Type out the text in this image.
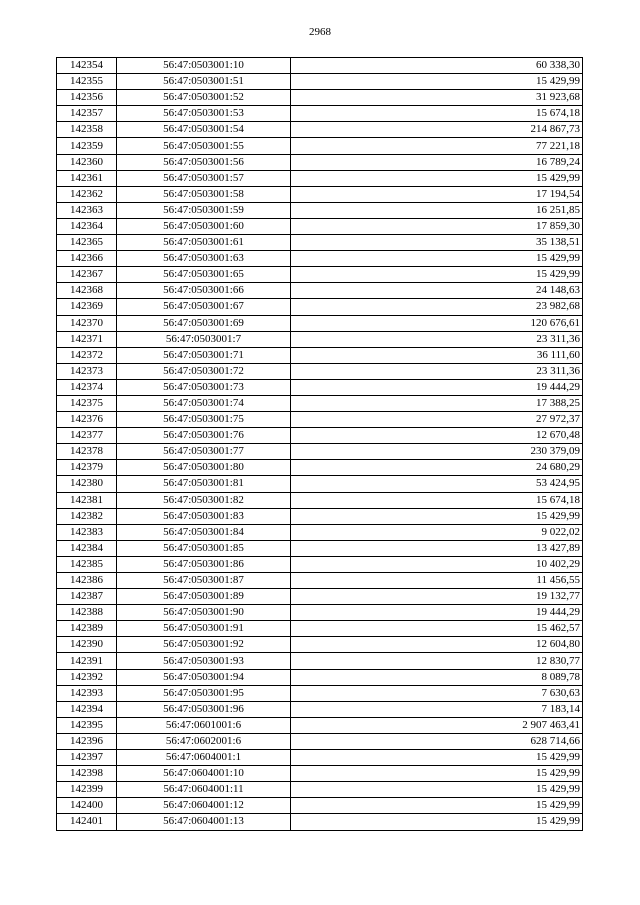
2968
142354	56:47:0503001:10	60 338,30
142355	56:47:0503001:51	15 429,99
142356	56:47:0503001:52	31 923,68
142357	56:47:0503001:53	15 674,18
142358	56:47:0503001:54	214 867,73
142359	56:47:0503001:55	77 221,18
142360	56:47:0503001:56	16 789,24
142361	56:47:0503001:57	15 429,99
142362	56:47:0503001:58	17 194,54
142363	56:47:0503001:59	16 251,85
142364	56:47:0503001:60	17 859,30
142365	56:47:0503001:61	35 138,51
142366	56:47:0503001:63	15 429,99
142367	56:47:0503001:65	15 429,99
142368	56:47:0503001:66	24 148,63
142369	56:47:0503001:67	23 982,68
142370	56:47:0503001:69	120 676,61
142371	56:47:0503001:7	23 311,36
142372	56:47:0503001:71	36 111,60
142373	56:47:0503001:72	23 311,36
142374	56:47:0503001:73	19 444,29
142375	56:47:0503001:74	17 388,25
142376	56:47:0503001:75	27 972,37
142377	56:47:0503001:76	12 670,48
142378	56:47:0503001:77	230 379,09
142379	56:47:0503001:80	24 680,29
142380	56:47:0503001:81	53 424,95
142381	56:47:0503001:82	15 674,18
142382	56:47:0503001:83	15 429,99
142383	56:47:0503001:84	9 022,02
142384	56:47:0503001:85	13 427,89
142385	56:47:0503001:86	10 402,29
142386	56:47:0503001:87	11 456,55
142387	56:47:0503001:89	19 132,77
142388	56:47:0503001:90	19 444,29
142389	56:47:0503001:91	15 462,57
142390	56:47:0503001:92	12 604,80
142391	56:47:0503001:93	12 830,77
142392	56:47:0503001:94	8 089,78
142393	56:47:0503001:95	7 630,63
142394	56:47:0503001:96	7 183,14
142395	56:47:0601001:6	2 907 463,41
142396	56:47:0602001:6	628 714,66
142397	56:47:0604001:1	15 429,99
142398	56:47:0604001:10	15 429,99
142399	56:47:0604001:11	15 429,99
142400	56:47:0604001:12	15 429,99
142401	56:47:0604001:13	15 429,99
